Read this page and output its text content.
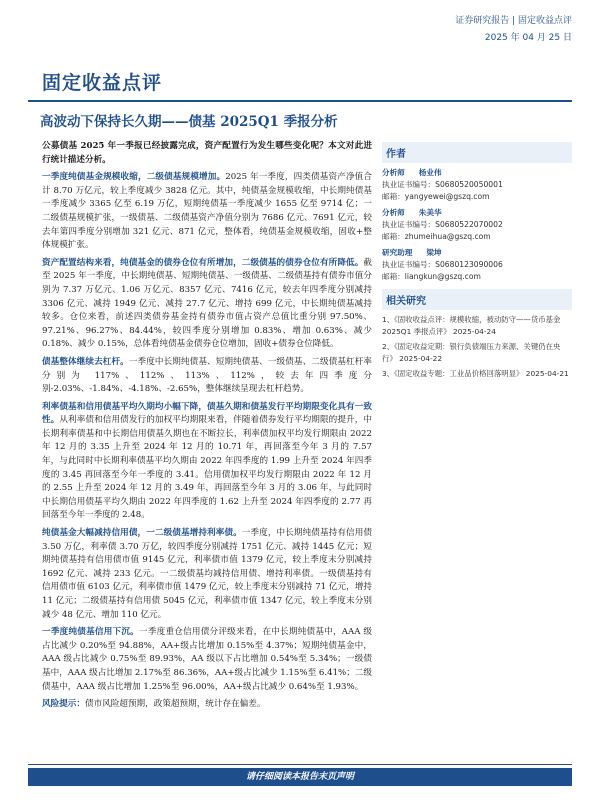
证券研究报告 | 固定收益点评
2025 年 04 月 25 日
固定收益点评
高波动下保持长久期——债基 2025Q1 季报分析

公募债基 2025 年一季报已经披露完成，资产配置行为发生哪些变化呢？本文对此进行统计描述分析。

一季度纯债基金规模收缩，二级债基规模增加。2025 年一季度，四类债基资产净值合计 8.70 万亿元，较上季度减少 3828 亿元。其中，纯债基金规模收缩，中长期纯债基一季度减少 3365 亿至 6.19 万亿，短期纯债基一季度减少 1655 亿至 9714 亿；一二级债基规模扩张，一级债基、二级债基资产净值分别为 7686 亿元、7691 亿元，较去年第四季度分别增加 321 亿元、871 亿元，整体看，纯债基金规模收缩，固收+整体规模扩张。

资产配置结构来看，纯债基金的债券仓位有所增加，二级债基的债券仓位有所降低。截至 2025 年一季度，中长期纯债基、短期纯债基、一级债基、二级债基持有债券市值分别为 7.37 万亿元、1.06 万亿元、8357 亿元、7416 亿元，较去年四季度分别减持 3306 亿元、减持 1949 亿元、减持 27.7 亿元、增持 699 亿元，中长期纯债基减持较多。仓位来看，前述四类债券基金持有债券市值占资产总值比重分别 97.50%、97.21%、96.27%、84.44%，较四季度分别增加 0.83%、增加 0.63%、减少 0.18%、减少 0.15%，总体看纯债基金债券仓位增加，固收+债券仓位降低。

债基整体继续去杠杆。一季度中长期纯债基、短期纯债基、一级债基、二级债基杠杆率分别为 117%、112%、113%、112%，较去年四季度分别-2.03%、-1.84%、-4.18%、-2.65%，整体继续呈现去杠杆趋势。

利率债基和信用债基平均久期均小幅下降，债基久期和债基发行平均期限变化具有一致性。从利率债和信用债发行的加权平均期限来看，伴随着债券发行平均期限的提升，中长期利率债基和中长期信用债基久期也在不断拉长，利率债加权平均发行期限由 2022 年 12 月的 3.35 上升至 2024 年 12 月的 10.71 年，再回落至今年 3 月的 7.57 年，与此同时中长期利率债基平均久期由 2022 年四季度的 1.99 上升至 2024 年四季度的 3.45 再回落至今年一季度的 3.41。信用债加权平均发行期限由 2022 年 12 月的 2.55 上升至 2024 年 12 月的 3.49 年，再回落至今年 3 月的 3.06 年，与此同时中长期信用债基平均久期由 2022 年四季度的 1.62 上升至 2024 年四季度的 2.77 再回落至今年一季度的 2.48。

纯债基金大幅减持信用债，一二级债基增持利率债。一季度，中长期纯债基持有信用债 3.50 万亿，利率债 3.70 万亿，较四季度分别减持 1751 亿元、减持 1445 亿元；短期纯债基持有信用债市值 9145 亿元，利率债市值 1379 亿元，较上季度末分别减持 1692 亿元、减持 233 亿元。一二级债基均减持信用债、增持利率债。一级债基持有信用债市值 6103 亿元，利率债市值 1479 亿元，较上季度末分别减持 71 亿元，增持 11 亿元；二级债基持有信用债 5045 亿元，利率债市值 1347 亿元，较上季度末分别减少 48 亿元、增加 110 亿元。

一季度纯债基信用下沉。一季度重仓信用债分评级来看，在中长期纯债基中，AAA 级占比减少 0.20%至 94.88%，AA+级占比增加 0.15%至 4.37%；短期纯债基金中，AAA 级占比减少 0.75%至 89.93%，AA 级以下占比增加 0.54%至 5.34%；一级债基中，AAA 级占比增加 2.17%至 86.36%，AA+级占比减少 1.15%至 6.41%；二级债基中，AAA 级占比增加 1.25%至 96.00%，AA+级占比减少 0.64%至 1.93%。

风险提示：债市风险超预期，政策超预期，统计存在偏差。

作者
分析师 杨业伟
执业证书编号：S0680520050001
邮箱：yangyewei@gszq.com
分析师 朱美华
执业证书编号：S0680522070002
邮箱：zhumeihua@gszq.com
研究助理 梁坤
执业证书编号：S0680123090006
邮箱：liangkun@gszq.com
相关研究
1、《固收收益点评：规模收缩，被动防守——货币基金 2025Q1 季报点评》 2025-04-24
2、《固定收益定期：银行负债端压力来源、关键仍在央行》 2025-04-22
3、《固定收益专题：工业品价格回落明显》 2025-04-21
请仔细阅读本报告末页声明
